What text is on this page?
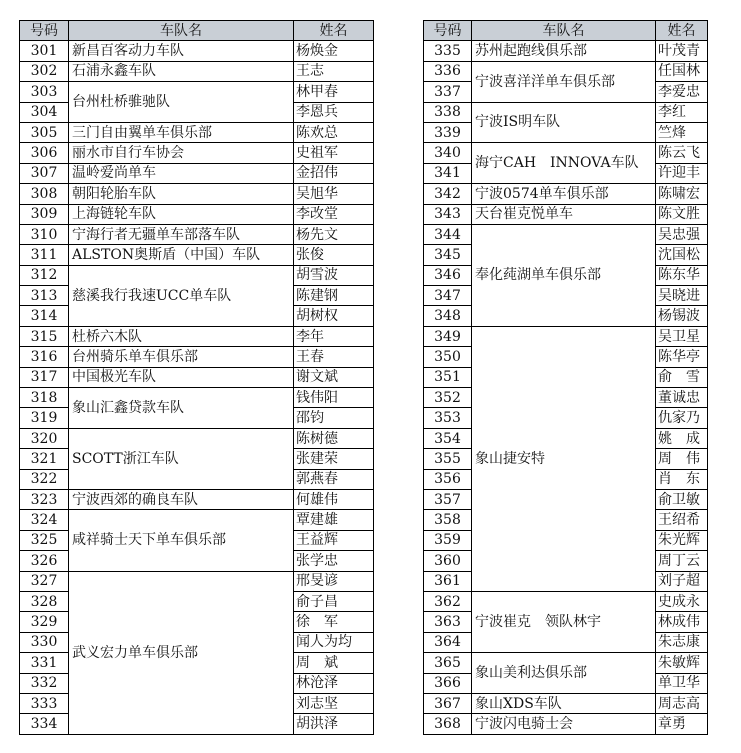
号码	车队名	姓名
301	新昌百客动力车队	杨焕金
302	石浦永鑫车队	王志
303	台州杜桥骓驰队	林甲春
304		李恩兵
305	三门自由翼单车俱乐部	陈欢总
306	丽水市自行车协会	史祖军
307	温岭爱尚单车	金招伟
308	朝阳轮胎车队	吴旭华
309	上海链轮车队	李改堂
310	宁海行者无疆单车部落车队	杨先文
311	ALSTON奥斯盾（中国）车队	张俊
312	慈溪我行我速UCC单车队	胡雪波
313		陈建钢
314		胡树权
315	杜桥六木队	李年
316	台州骑乐单车俱乐部	王春
317	中国极光车队	谢文斌
318	象山汇鑫贷款车队	钱伟阳
319		邵钧
320	SCOTT浙江车队	陈树德
321		张建荣
322		郭燕春
323	宁波西郊的确良车队	何雄伟
324	咸祥骑士天下单车俱乐部	覃建雄
325		王益辉
326		张学忠
327	武义宏力单车俱乐部	邢旻谚
328		俞子昌
329		徐　军
330		闻人为均
331		周　斌
332		林沧泽
333		刘志坚
334		胡洪泽
号码	车队名	姓名
335	苏州起跑线俱乐部	叶茂青
336	宁波喜洋洋单车俱乐部	任国林
337		李爱忠
338	宁波IS明车队	李红
339		竺烽
340	海宁CAH　INNOVA车队	陈云飞
341		许迎丰
342	宁波0574单车俱乐部	陈啸宏
343	天台崔克悦单车	陈文胜
344	奉化莼湖单车俱乐部	吴忠强
345		沈国松
346		陈东华
347		吴晓进
348		杨锡波
349	象山捷安特	吴卫星
350		陈华亭
351		俞　雪
352		董诚忠
353		仇家乃
354		姚　成
355		周　伟
356		肖　东
357		俞卫敏
358		王绍希
359		朱光辉
360		周丁云
361		刘子超
362	宁波崔克　领队林宇	史成永
363		林成伟
364		朱志康
365	象山美利达俱乐部	朱敏辉
366		单卫华
367	象山XDS车队	周志高
368	宁波闪电骑士会	章勇
